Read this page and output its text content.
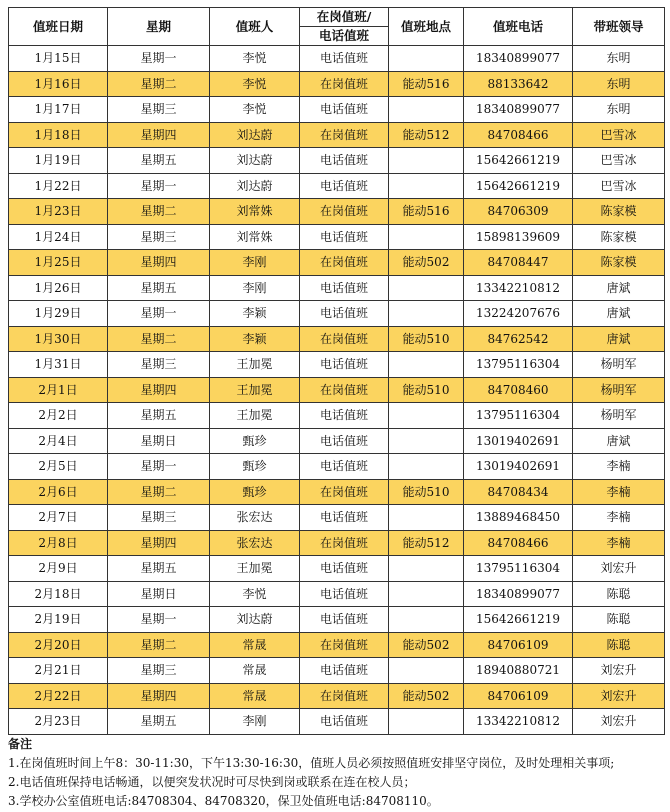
值班日期	星期	值班人	在岗值班/	值班地点	值班电话	带班领导
			电话值班			
1月15日	星期一	李悦	电话值班		18340899077	东明
1月16日	星期二	李悦	在岗值班	能动516	88133642	东明
1月17日	星期三	李悦	电话值班		18340899077	东明
1月18日	星期四	刘达蔚	在岗值班	能动512	84708466	巴雪冰
1月19日	星期五	刘达蔚	电话值班		15642661219	巴雪冰
1月22日	星期一	刘达蔚	电话值班		15642661219	巴雪冰
1月23日	星期二	刘常姝	在岗值班	能动516	84706309	陈家模
1月24日	星期三	刘常姝	电话值班		15898139609	陈家模
1月25日	星期四	李刚	在岗值班	能动502	84708447	陈家模
1月26日	星期五	李刚	电话值班		13342210812	唐斌
1月29日	星期一	李颖	电话值班		13224207676	唐斌
1月30日	星期二	李颖	在岗值班	能动510	84762542	唐斌
1月31日	星期三	王加冕	电话值班		13795116304	杨明军
2月1日	星期四	王加冕	在岗值班	能动510	84708460	杨明军
2月2日	星期五	王加冕	电话值班		13795116304	杨明军
2月4日	星期日	甄珍	电话值班		13019402691	唐斌
2月5日	星期一	甄珍	电话值班		13019402691	李楠
2月6日	星期二	甄珍	在岗值班	能动510	84708434	李楠
2月7日	星期三	张宏达	电话值班		13889468450	李楠
2月8日	星期四	张宏达	在岗值班	能动512	84708466	李楠
2月9日	星期五	王加冕	电话值班		13795116304	刘宏升
2月18日	星期日	李悦	电话值班		18340899077	陈聪
2月19日	星期一	刘达蔚	电话值班		15642661219	陈聪
2月20日	星期二	常晟	在岗值班	能动502	84706109	陈聪
2月21日	星期三	常晟	电话值班		18940880721	刘宏升
2月22日	星期四	常晟	在岗值班	能动502	84706109	刘宏升
2月23日	星期五	李刚	电话值班		13342210812	刘宏升
备注
1.在岗值班时间上午8：30-11:30，下午13:30-16:30，值班人员必须按照值班安排坚守岗位，及时处理相关事项;
2.电话值班保持电话畅通，以便突发状况时可尽快到岗或联系在连在校人员；
3.学校办公室值班电话:84708304、84708320，保卫处值班电话:84708110。
